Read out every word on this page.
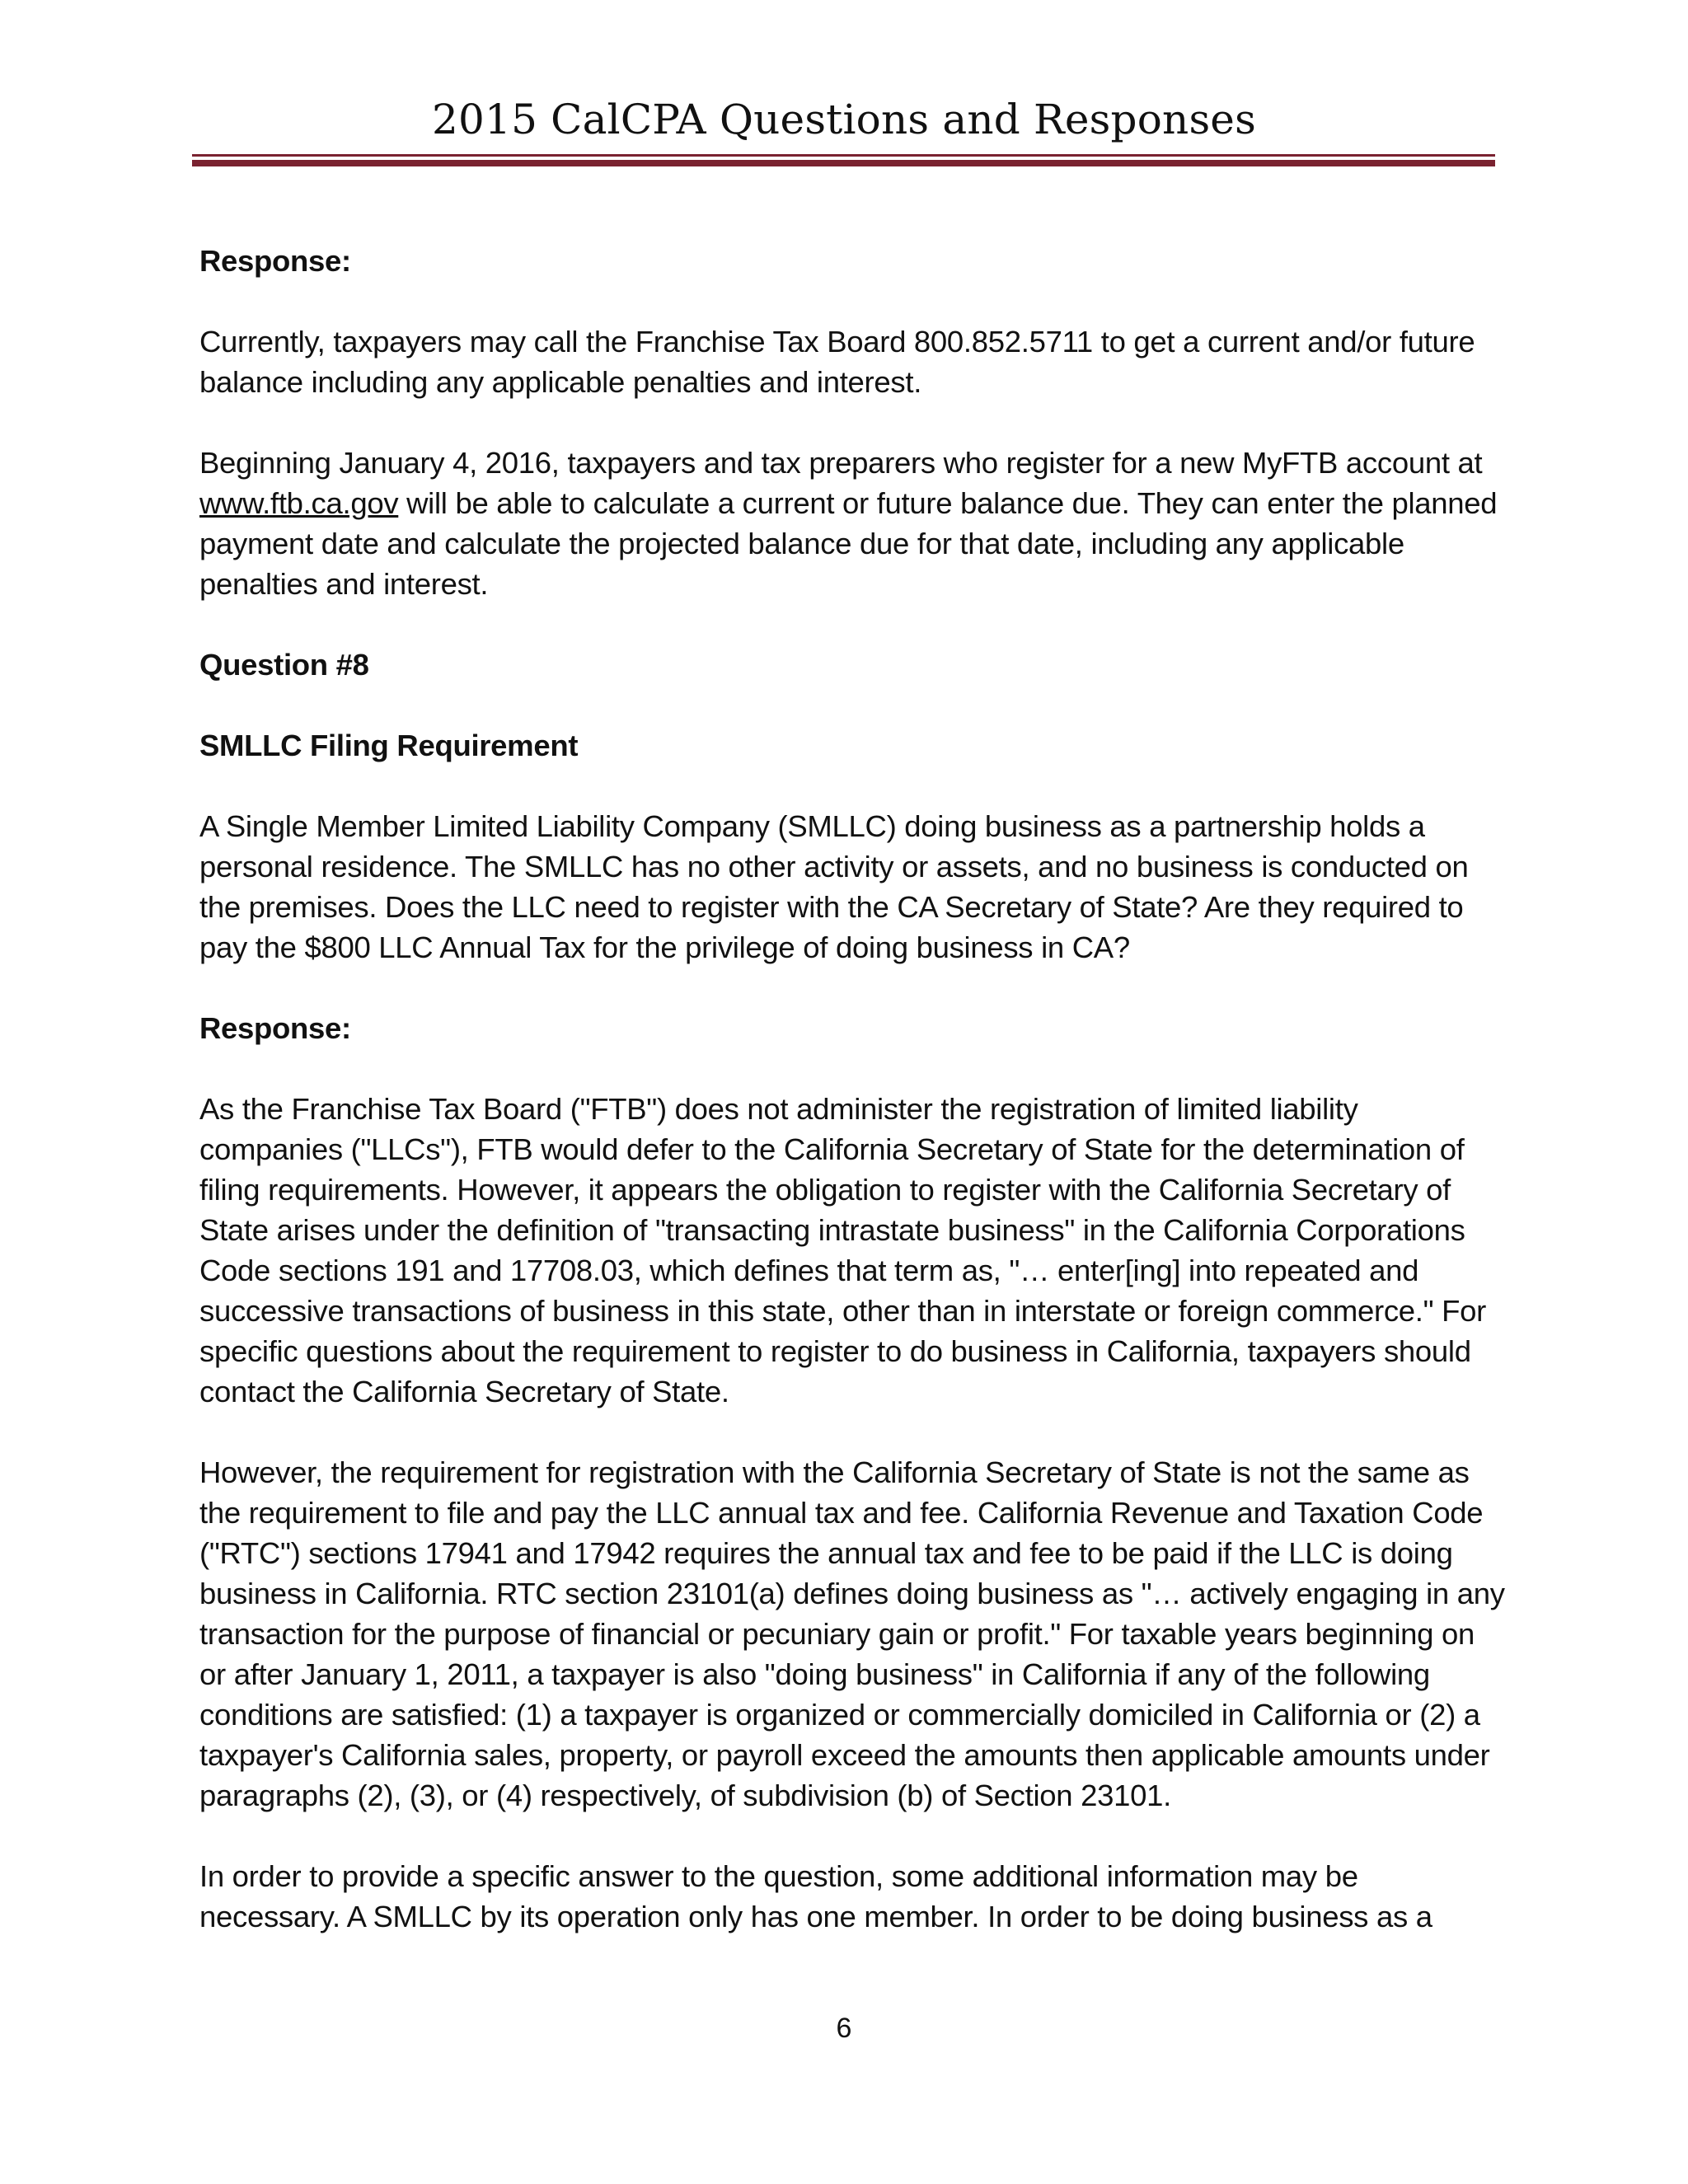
2015 CalCPA Questions and Responses

Response:

Currently, taxpayers may call the Franchise Tax Board 800.852.5711 to get a current and/or future balance including any applicable penalties and interest.

Beginning January 4, 2016, taxpayers and tax preparers who register for a new MyFTB account at www.ftb.ca.gov will be able to calculate a current or future balance due. They can enter the planned payment date and calculate the projected balance due for that date, including any applicable penalties and interest.

Question #8

SMLLC Filing Requirement

A Single Member Limited Liability Company (SMLLC) doing business as a partnership holds a personal residence. The SMLLC has no other activity or assets, and no business is conducted on the premises. Does the LLC need to register with the CA Secretary of State? Are they required to pay the $800 LLC Annual Tax for the privilege of doing business in CA?

Response:

As the Franchise Tax Board ("FTB") does not administer the registration of limited liability companies ("LLCs"), FTB would defer to the California Secretary of State for the determination of filing requirements. However, it appears the obligation to register with the California Secretary of State arises under the definition of "transacting intrastate business" in the California Corporations Code sections 191 and 17708.03, which defines that term as, "… enter[ing] into repeated and successive transactions of business in this state, other than in interstate or foreign commerce." For specific questions about the requirement to register to do business in California, taxpayers should contact the California Secretary of State.

However, the requirement for registration with the California Secretary of State is not the same as the requirement to file and pay the LLC annual tax and fee. California Revenue and Taxation Code ("RTC") sections 17941 and 17942 requires the annual tax and fee to be paid if the LLC is doing business in California. RTC section 23101(a) defines doing business as "… actively engaging in any transaction for the purpose of financial or pecuniary gain or profit." For taxable years beginning on or after January 1, 2011, a taxpayer is also "doing business" in California if any of the following conditions are satisfied: (1) a taxpayer is organized or commercially domiciled in California or (2) a taxpayer's California sales, property, or payroll exceed the amounts then applicable amounts under paragraphs (2), (3), or (4) respectively, of subdivision (b) of Section 23101.

In order to provide a specific answer to the question, some additional information may be necessary. A SMLLC by its operation only has one member. In order to be doing business as a

6
